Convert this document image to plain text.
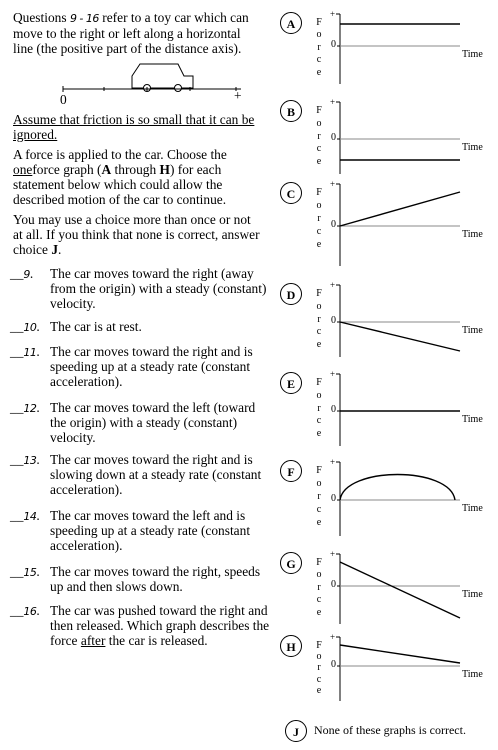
Questions 9 - 16 refer to a toy car which can move to the right or left along a horizontal line (the positive part of the distance axis).
0	+
Assume that friction is so small that it can be ignored.
A force is applied to the car. Choose the oneforce graph (A through H) for each statement below which could allow the described motion of the car to continue.
You may use a choice more than once or not at all. If you think that none is correct, answer choice J.
__9.	The car moves toward the right (away from the origin) with a steady (constant) velocity.
__10. The car is at rest.
__11. The car moves toward the right and is speeding up at a steady rate (constant acceleration).
__12. The car moves toward the left (toward the origin) with a steady (constant) velocity.
__13. The car moves toward the right and is slowing down at a steady rate (constant acceleration).
__14. The car moves toward the left and is speeding up at a steady rate (constant acceleration).
__15. The car moves toward the right, speeds up and then slows down.
__16. The car was pushed toward the right and then released. Which graph describes the force after the car is released.
A	F
o
r
c
e
+
0
Time
B	F
o
r
c
e
+
0
Time
C	F
o
r
c
e
+
0
Time
D	F
o
r
c
e
+
0
Time
E	F
o
r
c
e
+
0
Time
F	F
o
r
c
e
+
0
Time
G	F
o
r
c
e
+
0
Time
H	F
o
r
c
e
+
0
Time
J	None of these graphs is correct.
